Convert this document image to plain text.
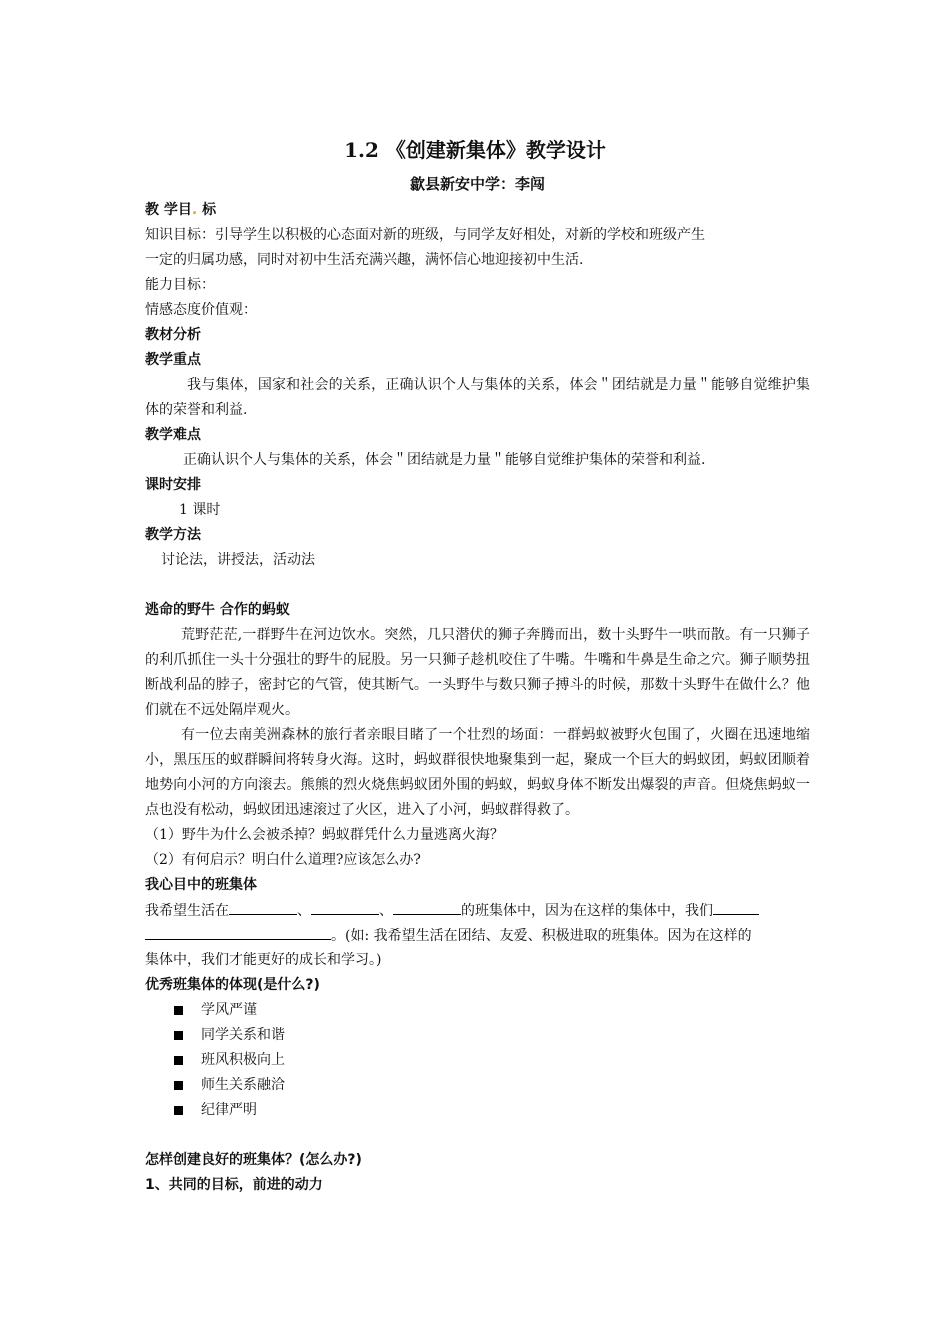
1.2 《创建新集体》教学设计
歙县新安中学：李闯
教 学目. 标
知识目标：引导学生以积极的心态面对新的班级，与同学友好相处，对新的学校和班级产生
一定的归属功感，同时对初中生活充满兴趣，满怀信心地迎接初中生活.
能力目标：
情感态度价值观：
教材分析
教学重点
我与集体，国家和社会的关系，正确认识个人与集体的关系，体会＂团结就是力量＂能够自觉维护集体的荣誉和利益.
教学难点
正确认识个人与集体的关系，体会＂团结就是力量＂能够自觉维护集体的荣誉和利益.
课时安排
1 课时
教学方法
讨论法，讲授法，活动法
逃命的野牛 合作的蚂蚁
荒野茫茫,一群野牛在河边饮水。突然，几只潜伏的狮子奔腾而出，数十头野牛一哄而散。有一只狮子的利爪抓住一头十分强壮的野牛的屁股。另一只狮子趁机咬住了牛嘴。牛嘴和牛鼻是生命之穴。狮子顺势扭断战利品的脖子，密封它的气管，使其断气。一头野牛与数只狮子搏斗的时候，那数十头野牛在做什么？他们就在不远处隔岸观火。
有一位去南美洲森林的旅行者亲眼目睹了一个壮烈的场面：一群蚂蚁被野火包围了，火圈在迅速地缩小，黑压压的蚁群瞬间将转身火海。这时，蚂蚁群很快地聚集到一起，聚成一个巨大的蚂蚁团，蚂蚁团顺着地势向小河的方向滚去。熊熊的烈火烧焦蚂蚁团外围的蚂蚁，蚂蚁身体不断发出爆裂的声音。但烧焦蚂蚁一点也没有松动，蚂蚁团迅速滚过了火区，进入了小河，蚂蚁群得救了。
（1）野牛为什么会被杀掉？蚂蚁群凭什么力量逃离火海？
（2）有何启示？明白什么道理?应该怎么办?
我心目中的班集体
我希望生活在	、	、	的班集体中，因为在这样的集体中，我们
。(如: 我希望生活在团结、友爱、积极进取的班集体。因为在这样的
集体中，我们才能更好的成长和学习。)
优秀班集体的体现(是什么?)
学风严谨
同学关系和谐
班风积极向上
师生关系融洽
纪律严明
怎样创建良好的班集体？(怎么办?)
1、共同的目标，前进的动力
